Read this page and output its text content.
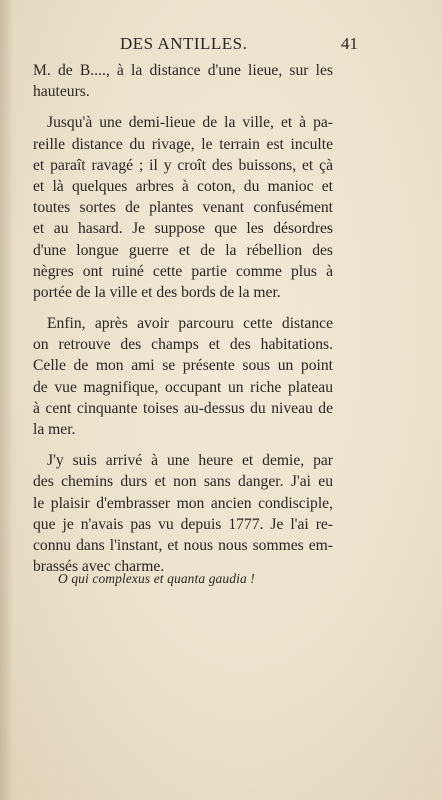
DES ANTILLES.	41
M. de B...., à la distance d'une lieue, sur les
hauteurs.
Jusqu'à une demi-lieue de la ville, et à pa-
reille distance du rivage, le terrain est inculte
et paraît ravagé ; il y croît des buissons, et çà
et là quelques arbres à coton, du manioc et
toutes sortes de plantes venant confusément
et au hasard. Je suppose que les désordres
d'une longue guerre et de la rébellion des
nègres ont ruiné cette partie comme plus à
portée de la ville et des bords de la mer.
Enfin, après avoir parcouru cette distance
on retrouve des champs et des habitations.
Celle de mon ami se présente sous un point
de vue magnifique, occupant un riche plateau
à cent cinquante toises au-dessus du niveau de
la mer.
J'y suis arrivé à une heure et demie, par
des chemins durs et non sans danger. J'ai eu
le plaisir d'embrasser mon ancien condisciple,
que je n'avais pas vu depuis 1777. Je l'ai re-
connu dans l'instant, et nous nous sommes em-
brassés avec charme.
O qui complexus et quanta gaudia !
